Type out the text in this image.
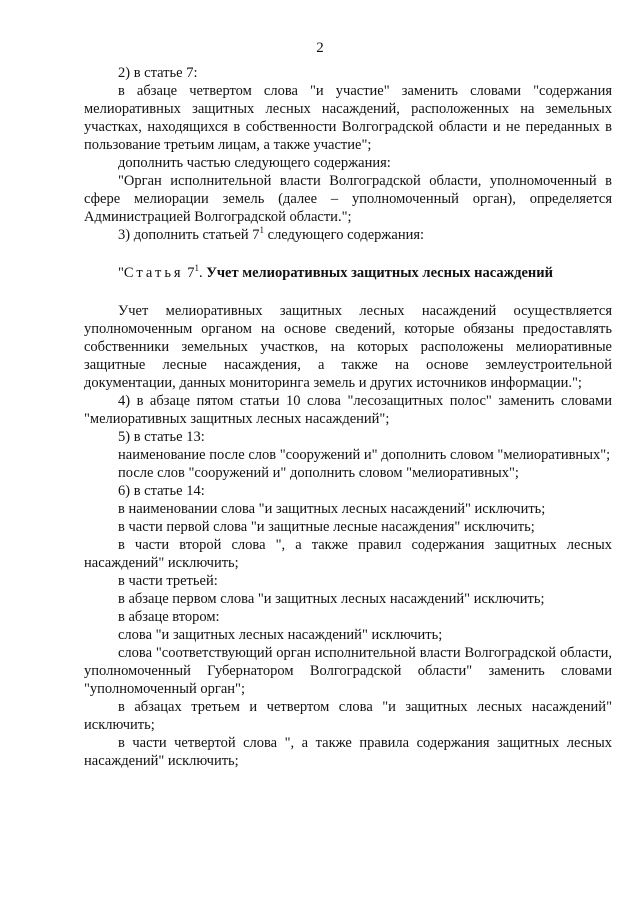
2

2) в статье 7:

в абзаце четвертом слова "и участие" заменить словами "содержания мелиоративных защитных лесных насаждений, расположенных на земельных участках, находящихся в собственности Волгоградской области и не переданных в пользование третьим лицам, а также участие";

дополнить частью следующего содержания:

"Орган исполнительной власти Волгоградской области, уполномоченный в сфере мелиорации земель (далее – уполномоченный орган), определяется Администрацией Волгоградской области.";

3) дополнить статьей $7^1$ следующего содержания:

"Статья $7^1$. Учет мелиоративных защитных лесных насаждений

Учет мелиоративных защитных лесных насаждений осуществляется уполномоченным органом на основе сведений, которые обязаны предоставлять собственники земельных участков, на которых расположены мелиоративные защитные лесные насаждения, а также на основе землеустроительной документации, данных мониторинга земель и других источников информации.";

4) в абзаце пятом статьи 10 слова "лесозащитных полос" заменить словами "мелиоративных защитных лесных насаждений";

5) в статье 13:

наименование после слов "сооружений и" дополнить словом "мелиоративных";

после слов "сооружений и" дополнить словом "мелиоративных";

6) в статье 14:

в наименовании слова "и защитных лесных насаждений" исключить;

в части первой слова "и защитные лесные насаждения" исключить;

в части второй слова ", а также правил содержания защитных лесных насаждений" исключить;

в части третьей:

в абзаце первом слова "и защитных лесных насаждений" исключить;

в абзаце втором:

слова "и защитных лесных насаждений" исключить;

слова "соответствующий орган исполнительной власти Волгоградской области, уполномоченный Губернатором Волгоградской области" заменить словами "уполномоченный орган";

в абзацах третьем и четвертом слова "и защитных лесных насаждений" исключить;

в части четвертой слова ", а также правила содержания защитных лесных насаждений" исключить;
